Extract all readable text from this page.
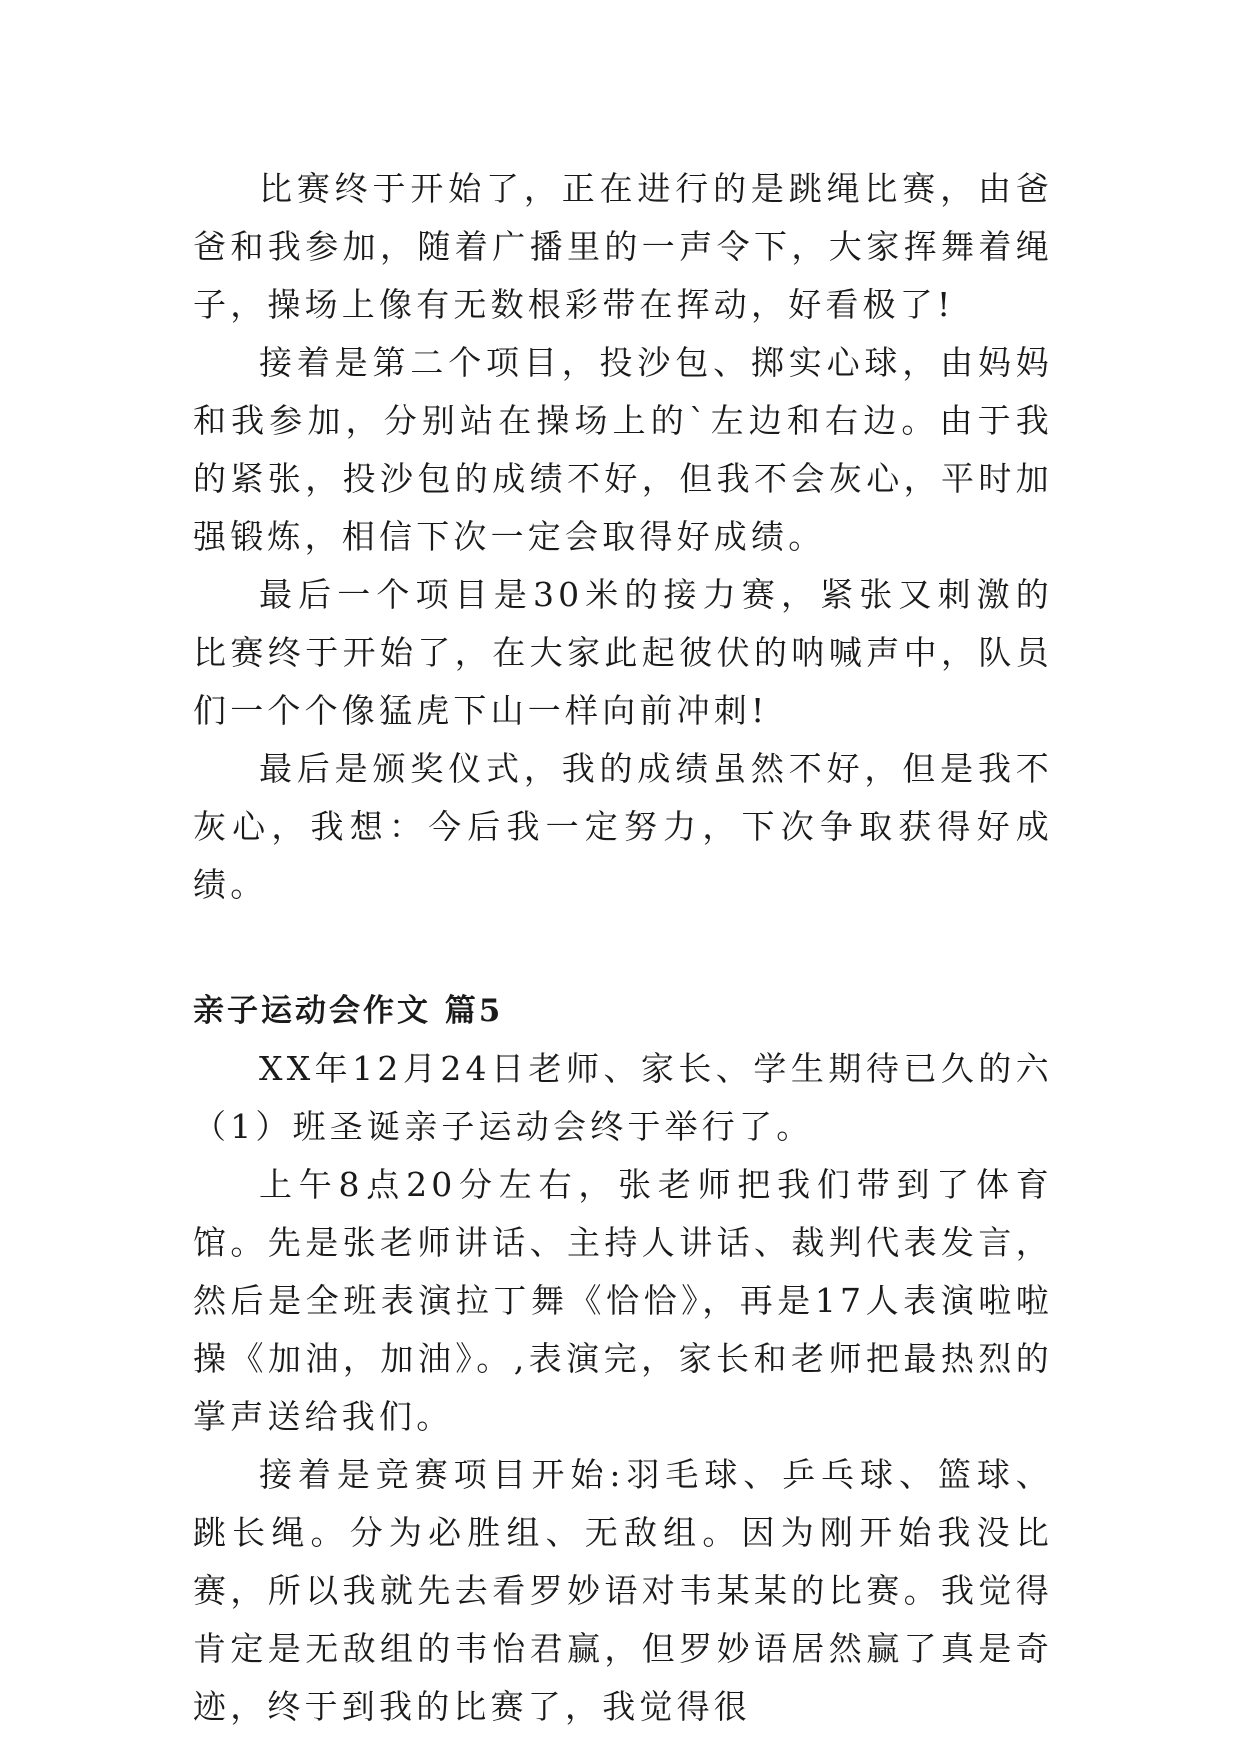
比赛终于开始了，正在进行的是跳绳比赛，由爸爸和我参加，随着广播里的一声令下，大家挥舞着绳子，操场上像有无数根彩带在挥动，好看极了!

接着是第二个项目，投沙包、掷实心球，由妈妈和我参加，分别站在操场上的`左边和右边。由于我的紧张，投沙包的成绩不好，但我不会灰心，平时加强锻炼，相信下次一定会取得好成绩。

最后一个项目是30米的接力赛，紧张又刺激的比赛终于开始了，在大家此起彼伏的呐喊声中，队员们一个个像猛虎下山一样向前冲刺!

最后是颁奖仪式，我的成绩虽然不好，但是我不灰心，我想：今后我一定努力，下次争取获得好成绩。

亲子运动会作文 篇5

XX年12月24日老师、家长、学生期待已久的六（1）班圣诞亲子运动会终于举行了。

上午8点20分左右，张老师把我们带到了体育馆。先是张老师讲话、主持人讲话、裁判代表发言，然后是全班表演拉丁舞《恰恰》，再是17人表演啦啦操《加油，加油》。,表演完，家长和老师把最热烈的掌声送给我们。

接着是竞赛项目开始:羽毛球、乒乓球、篮球、跳长绳。分为必胜组、无敌组。因为刚开始我没比赛，所以我就先去看罗妙语对韦某某的比赛。我觉得肯定是无敌组的韦怡君赢，但罗妙语居然赢了真是奇迹，终于到我的比赛了，我觉得很
